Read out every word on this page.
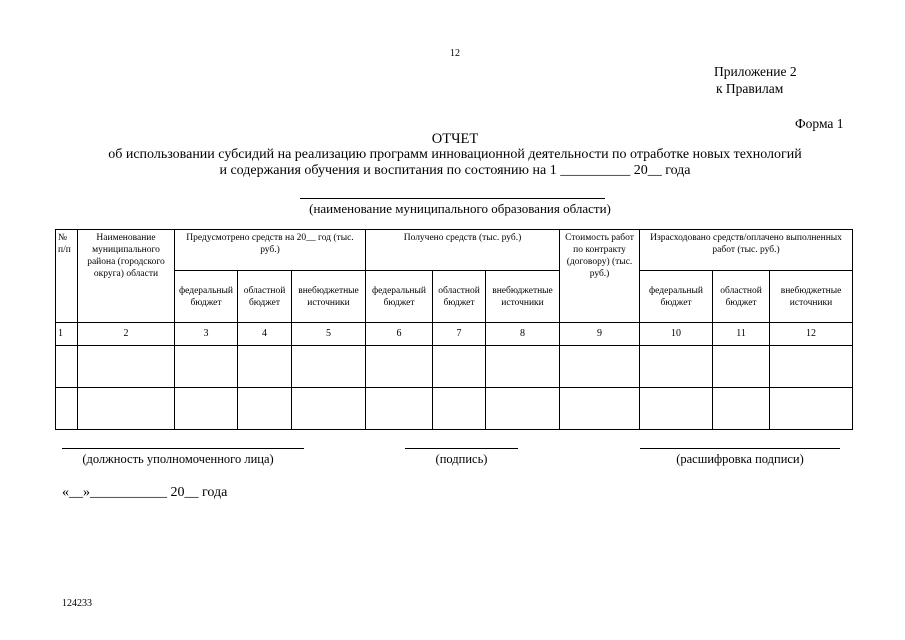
12
Приложение 2
к Правилам
Форма 1
ОТЧЕТ
об использовании субсидий на реализацию программ инновационной деятельности по отработке новых технологий
и содержания обучения и воспитания по состоянию на 1 __________ 20__ года
(наименование муниципального образования области)
№ п/п	Наименование муниципального района (городского округа) области	Предусмотрено средств на 20__ год (тыс. руб.)			Получено средств (тыс. руб.)			Стоимость работ по контракту (договору) (тыс. руб.)	Израсходовано средств/оплачено выполненных работ (тыс. руб.)		
		федеральный бюджет	областной бюджет	внебюджетные источники	федеральный бюджет	областной бюджет	внебюджетные источники		федеральный бюджет	областной бюджет	внебюджетные источники
1	2	3	4	5	6	7	8	9	10	11	12

(должность уполномоченного лица)	(подпись)	(расшифровка подписи)
«__»___________ 20__ года
124233
